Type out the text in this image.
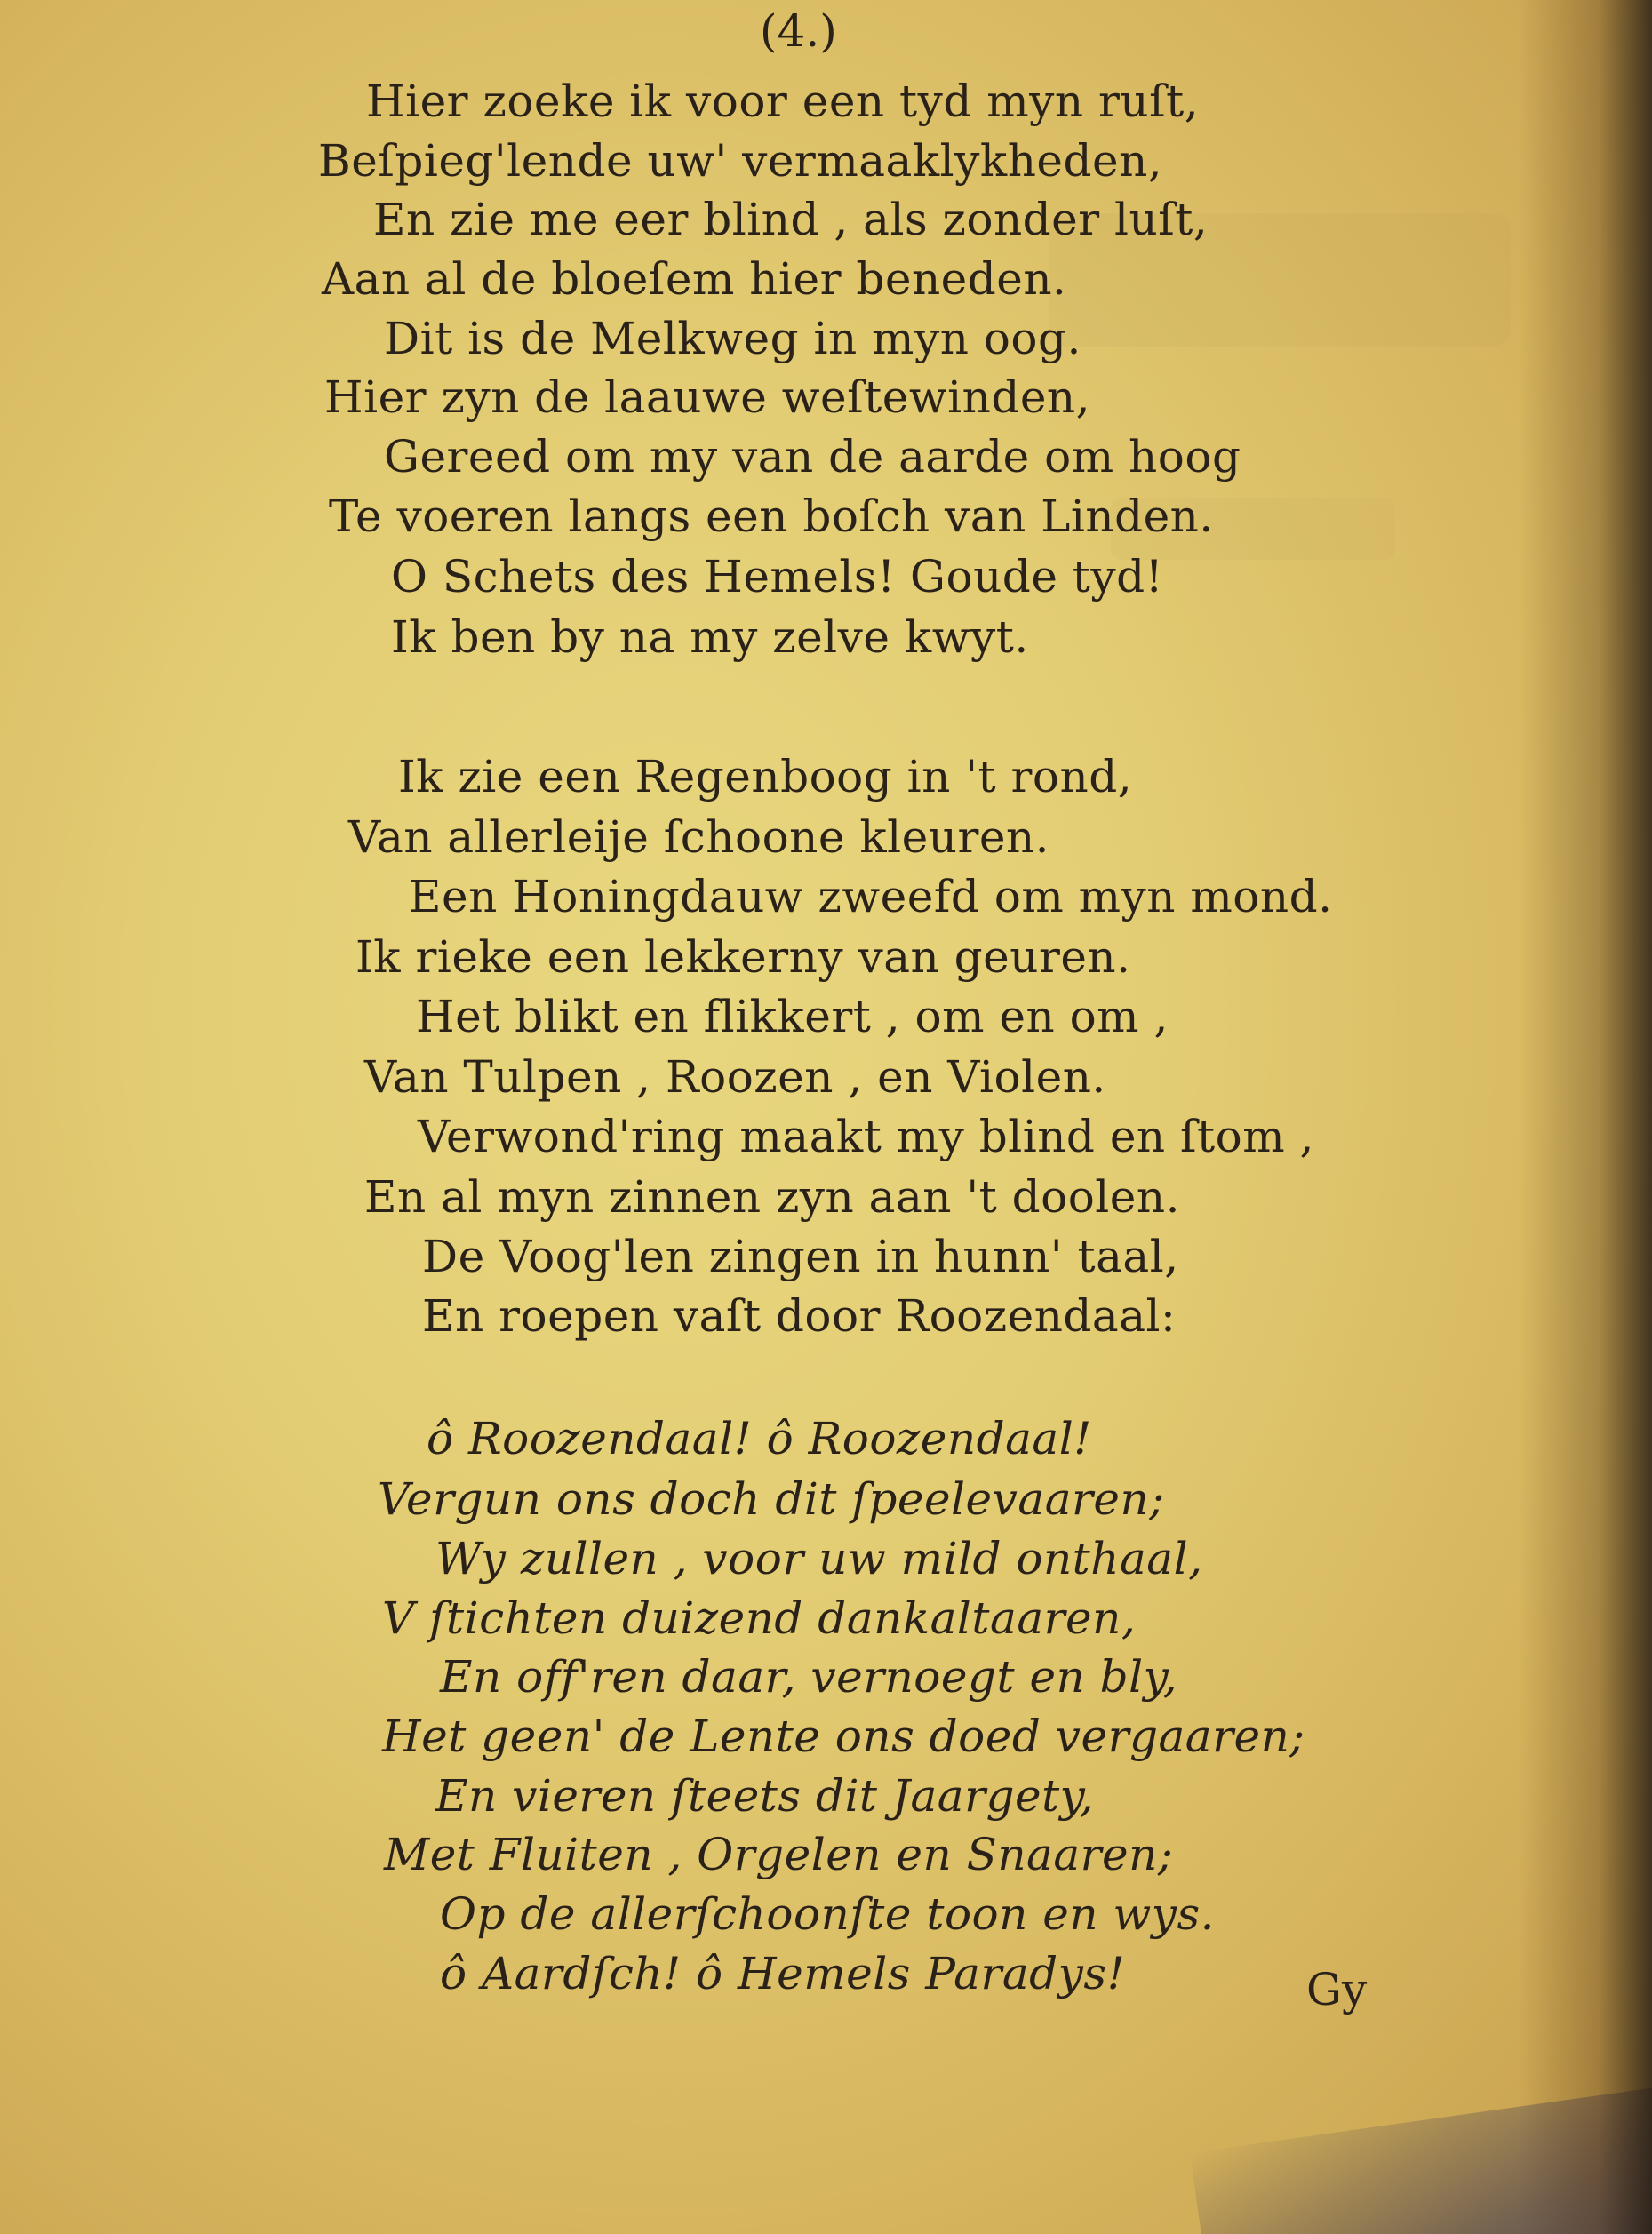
(4.)
Hier zoeke ik voor een tyd myn ruſt,
Beſpieg'lende uw' vermaaklykheden,
En zie me eer blind , als zonder luſt,
Aan al de bloeſem hier beneden.
Dit is de Melkweg in myn oog.
Hier zyn de laauwe weſtewinden,
Gereed om my van de aarde om hoog
Te voeren langs een boſch van Linden.
O Schets des Hemels! Goude tyd!
Ik ben by na my zelve kwyt.
Ik zie een Regenboog in 't rond,
Van allerleije ſchoone kleuren.
Een Honingdauw zweefd om myn mond.
Ik rieke een lekkerny van geuren.
Het blikt en flikkert , om en om ,
Van Tulpen , Roozen , en Violen.
Verwond'ring maakt my blind en ſtom ,
En al myn zinnen zyn aan 't doolen.
De Voog'len zingen in hunn' taal,
En roepen vaſt door Roozendaal:
ô Roozendaal! ô Roozendaal!
Vergun ons doch dit ſpeelevaaren;
Wy zullen , voor uw mild onthaal,
V ſtichten duizend dankaltaaren,
En off'ren daar, vernoegt en bly,
Het geen' de Lente ons doed vergaaren;
En vieren ſteets dit Jaargety,
Met Fluiten , Orgelen en Snaaren;
Op de allerſchoonſte toon en wys.
ô Aardſch! ô Hemels Paradys!	Gy
